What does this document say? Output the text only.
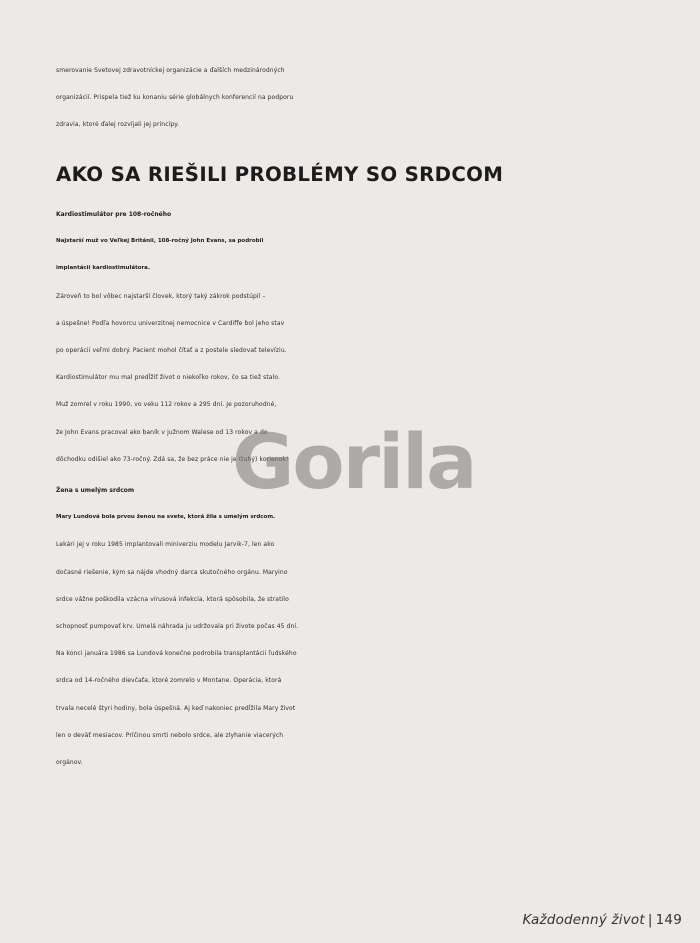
smerovanie Svetovej zdravotníckej organizácie a ďalších medzinárodných
organizácií. Prispela tiež ku konaniu série globálnych konferencií na podporu
zdravia, ktoré ďalej rozvíjali jej princípy.
AKO SA RIEŠILI PROBLÉMY SO SRDCOM
Kardiostimulátor pre 108-ročného
Najstarší muž vo Veľkej Británii, 108-ročný John Evans, sa podrobil
implantácii kardiostimulátora.
Zároveň to bol vôbec najstarší človek, ktorý taký zákrok podstúpil –
a úspešne! Podľa hovorcu univerzitnej nemocnice v Cardiffe bol jeho stav
po operácii veľmi dobrý. Pacient mohol čítať a z postele sledovať televíziu.
Kardiostimulátor mu mal predĺžiť život o niekoľko rokov, čo sa tiež stalo.
Muž zomrel v roku 1990, vo veku 112 rokov a 295 dní. Je pozoruhodné,
že John Evans pracoval ako baník v južnom Walese od 13 rokov a do
dôchodku odišiel ako 73-ročný. Zdá sa, že bez práce nie je (tuhý) korienok!
Žena s umelým srdcom
Mary Lundová bola prvou ženou na svete, ktorá žila s umelým srdcom.
Lekári jej v roku 1985 implantovali miniverziu modelu Jarvik-7, len ako
dočasné riešenie, kým sa nájde vhodný darca skutočného orgánu. Maryino
srdce vážne poškodila vzácna vírusová infekcia, ktorá spôsobila, že stratilo
schopnosť pumpovať krv. Umelá náhrada ju udržovala pri živote počas 45 dní.
Na konci januára 1986 sa Lundová konečne podrobila transplantácii ľudského
srdca od 14-ročného dievčaťa, ktoré zomrelo v Montane. Operácia, ktorá
trvala necelé štyri hodiny, bola úspešná. Aj keď nakoniec predĺžila Mary život
len o deväť mesiacov. Príčinou smrti nebolo srdce, ale zlyhanie viacerých
orgánov.
Gorila
Každodenný život | 149
